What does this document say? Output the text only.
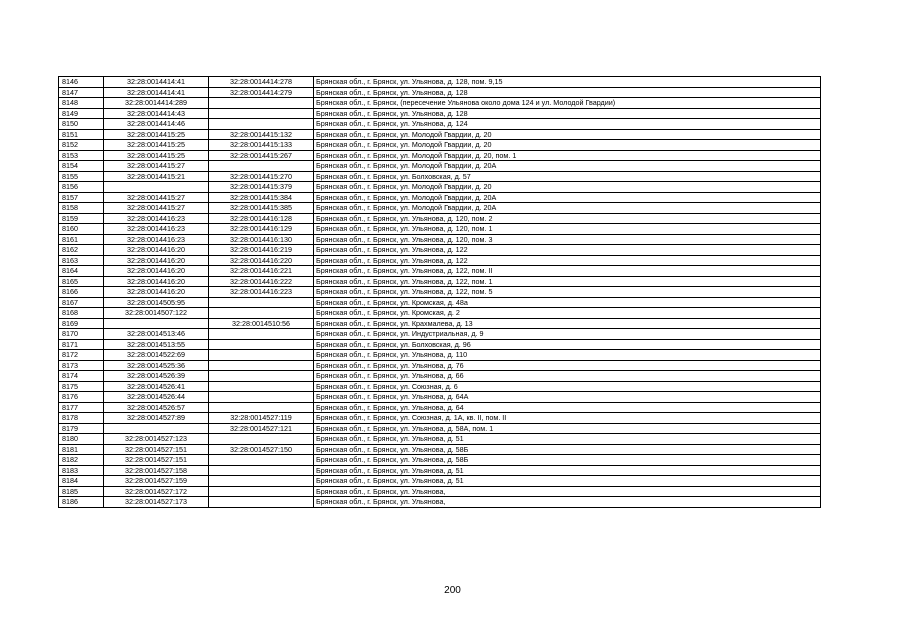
8146	32:28:0014414:41	32:28:0014414:278	Брянская обл., г. Брянск, ул. Ульянова, д. 128, пом. 9,15
8147	32:28:0014414:41	32:28:0014414:279	Брянская обл., г. Брянск, ул. Ульянова, д. 128
8148	32:28:0014414:289		Брянская обл., г. Брянск, (пересечение Ульянова около дома 124 и ул. Молодой Гвардии)
8149	32:28:0014414:43		Брянская обл., г. Брянск, ул. Ульянова, д. 128
8150	32:28:0014414:46		Брянская обл., г. Брянск, ул. Ульянова, д. 124
8151	32:28:0014415:25	32:28:0014415:132	Брянская обл., г. Брянск, ул. Молодой Гвардии, д. 20
8152	32:28:0014415:25	32:28:0014415:133	Брянская обл., г. Брянск, ул. Молодой Гвардии, д. 20
8153	32:28:0014415:25	32:28:0014415:267	Брянская обл., г. Брянск, ул. Молодой Гвардии, д. 20, пом. 1
8154	32:28:0014415:27		Брянская обл., г. Брянск, ул. Молодой Гвардии, д. 20А
8155	32:28:0014415:21	32:28:0014415:270	Брянская обл., г. Брянск, ул. Болховская, д. 57
8156		32:28:0014415:379	Брянская обл., г. Брянск, ул. Молодой Гвардии, д. 20
8157	32:28:0014415:27	32:28:0014415:384	Брянская обл., г. Брянск, ул. Молодой Гвардии, д. 20А
8158	32:28:0014415:27	32:28:0014415:385	Брянская обл., г. Брянск, ул. Молодой Гвардии, д. 20А
8159	32:28:0014416:23	32:28:0014416:128	Брянская обл., г. Брянск, ул. Ульянова, д. 120, пом. 2
8160	32:28:0014416:23	32:28:0014416:129	Брянская обл., г. Брянск, ул. Ульянова, д. 120, пом. 1
8161	32:28:0014416:23	32:28:0014416:130	Брянская обл., г. Брянск, ул. Ульянова, д. 120, пом. 3
8162	32:28:0014416:20	32:28:0014416:219	Брянская обл., г. Брянск, ул. Ульянова, д. 122
8163	32:28:0014416:20	32:28:0014416:220	Брянская обл., г. Брянск, ул. Ульянова, д. 122
8164	32:28:0014416:20	32:28:0014416:221	Брянская обл., г. Брянск, ул. Ульянова, д. 122, пом. II
8165	32:28:0014416:20	32:28:0014416:222	Брянская обл., г. Брянск, ул. Ульянова, д. 122, пом. 1
8166	32:28:0014416:20	32:28:0014416:223	Брянская обл., г. Брянск, ул. Ульянова, д. 122, пом. 5
8167	32:28:0014505:95		Брянская обл., г. Брянск, ул. Кромская, д. 48а
8168	32:28:0014507:122		Брянская обл., г. Брянск, ул. Кромская, д. 2
8169		32:28:0014510:56	Брянская обл., г. Брянск, ул. Крахмалева, д. 13
8170	32:28:0014513:46		Брянская обл., г. Брянск, ул. Индустриальная, д. 9
8171	32:28:0014513:55		Брянская обл., г. Брянск, ул. Болховская, д. 96
8172	32:28:0014522:69		Брянская обл., г. Брянск, ул. Ульянова, д. 110
8173	32:28:0014525:36		Брянская обл., г. Брянск, ул. Ульянова, д. 76
8174	32:28:0014526:39		Брянская обл., г. Брянск, ул. Ульянова, д. 66
8175	32:28:0014526:41		Брянская обл., г. Брянск, ул. Союзная, д. 6
8176	32:28:0014526:44		Брянская обл., г. Брянск, ул. Ульянова, д. 64А
8177	32:28:0014526:57		Брянская обл., г. Брянск, ул. Ульянова, д. 64
8178	32:28:0014527:89	32:28:0014527:119	Брянская обл., г. Брянск, ул. Союзная, д. 1А, кв. II, пом. II
8179		32:28:0014527:121	Брянская обл., г. Брянск, ул. Ульянова, д. 58А, пом. 1
8180	32:28:0014527:123		Брянская обл., г. Брянск, ул. Ульянова, д. 51
8181	32:28:0014527:151	32:28:0014527:150	Брянская обл., г. Брянск, ул. Ульянова, д. 58Б
8182	32:28:0014527:151		Брянская обл., г. Брянск, ул. Ульянова, д. 58Б
8183	32:28:0014527:158		Брянская обл., г. Брянск, ул. Ульянова, д. 51
8184	32:28:0014527:159		Брянская обл., г. Брянск, ул. Ульянова, д. 51
8185	32:28:0014527:172		Брянская обл., г. Брянск, ул. Ульянова,
8186	32:28:0014527:173		Брянская обл., г. Брянск, ул. Ульянова,
200
